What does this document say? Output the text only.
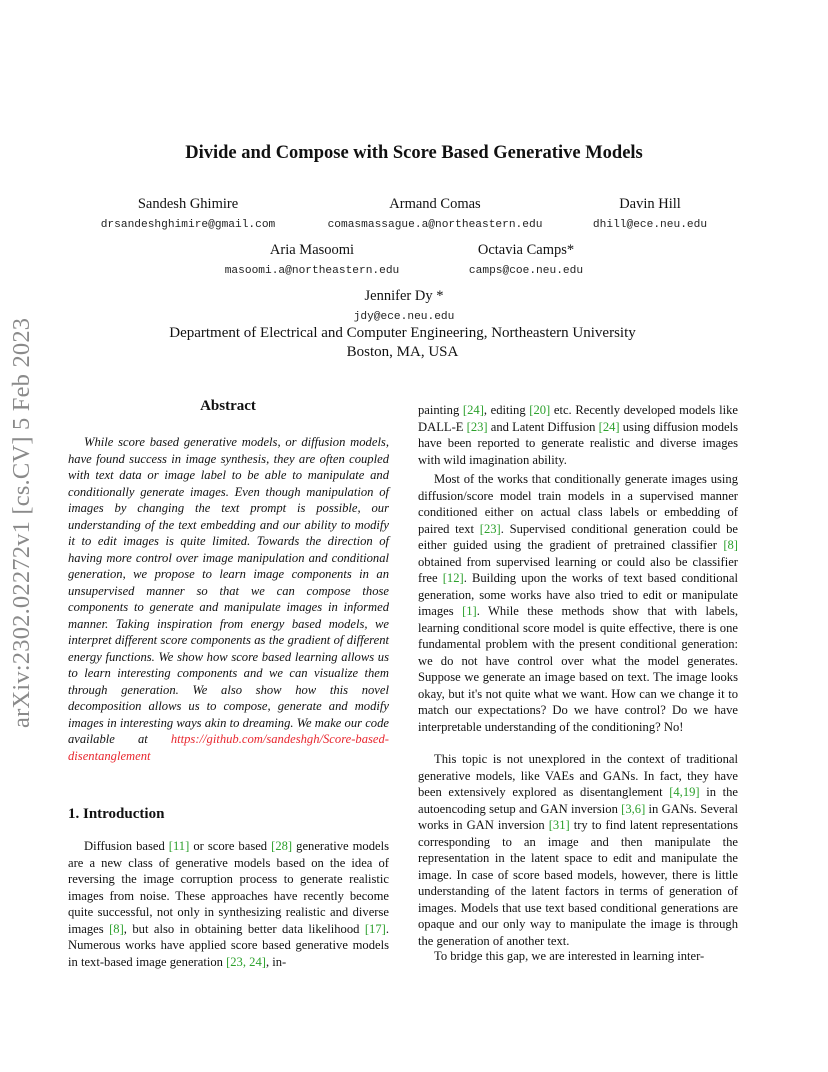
Divide and Compose with Score Based Generative Models
Sandesh Ghimire
drsandeshghimire@gmail.com
Armand Comas
comasmassague.a@northeastern.edu
Davin Hill
dhill@ece.neu.edu
Aria Masoomi
masoomi.a@northeastern.edu
Octavia Camps*
camps@coe.neu.edu
Jennifer Dy *
jdy@ece.neu.edu
Department of Electrical and Computer Engineering, Northeastern University
Boston, MA, USA
arXiv:2302.02272v1 [cs.CV] 5 Feb 2023	Abstract
While score based generative models, or diffusion models, have found success in image synthesis, they are often coupled with text data or image label to be able to manipulate and conditionally generate images. Even though manipulation of images by changing the text prompt is possible, our understanding of the text embedding and our ability to modify it to edit images is quite limited. Towards the direction of having more control over image manipulation and conditional generation, we propose to learn image components in an unsupervised manner so that we can compose those components to generate and manipulate images in informed manner. Taking inspiration from energy based models, we interpret different score components as the gradient of different energy functions. We show how score based learning allows us to learn interesting components and we can visualize them through generation. We also show how this novel decomposition allows us to compose, generate and modify images in interesting ways akin to dreaming. We make our code available at https://github.com/sandeshgh/Score-based-disentanglement
1. Introduction
Diffusion based [11] or score based [28] generative models are a new class of generative models based on the idea of reversing the image corruption process to generate realistic images from noise. These approaches have recently become quite successful, not only in synthesizing realistic and diverse images [8], but also in obtaining better data likelihood [17]. Numerous works have applied score based generative models in text-based image generation [23, 24], in-
painting [24], editing [20] etc. Recently developed models like DALL-E [23] and Latent Diffusion [24] using diffusion models have been reported to generate realistic and diverse images with wild imagination ability.
Most of the works that conditionally generate images using diffusion/score model train models in a supervised manner conditioned either on actual class labels or embedding of paired text [23]. Supervised conditional generation could be either guided using the gradient of pretrained classifier [8] obtained from supervised learning or could also be classifier free [12]. Building upon the works of text based conditional generation, some works have also tried to edit or manipulate images [1]. While these methods show that with labels, learning conditional score model is quite effective, there is one fundamental problem with the present conditional generation: we do not have control over what the model generates. Suppose we generate an image based on text. The image looks okay, but it's not quite what we want. How can we change it to match our expectations? Do we have control? Do we have interpretable understanding of the conditioning? No!
This topic is not unexplored in the context of traditional generative models, like VAEs and GANs. In fact, they have been extensively explored as disentanglement [4,19] in the autoencoding setup and GAN inversion [3,6] in GANs. Several works in GAN inversion [31] try to find latent representations corresponding to an image and then manipulate the representation in the latent space to edit and manipulate the image. In case of score based models, however, there is little understanding of the latent factors in terms of generation of images. Models that use text based conditional generations are opaque and our only way to manipulate the image is through the generation of another text.
To bridge this gap, we are interested in learning inter-
